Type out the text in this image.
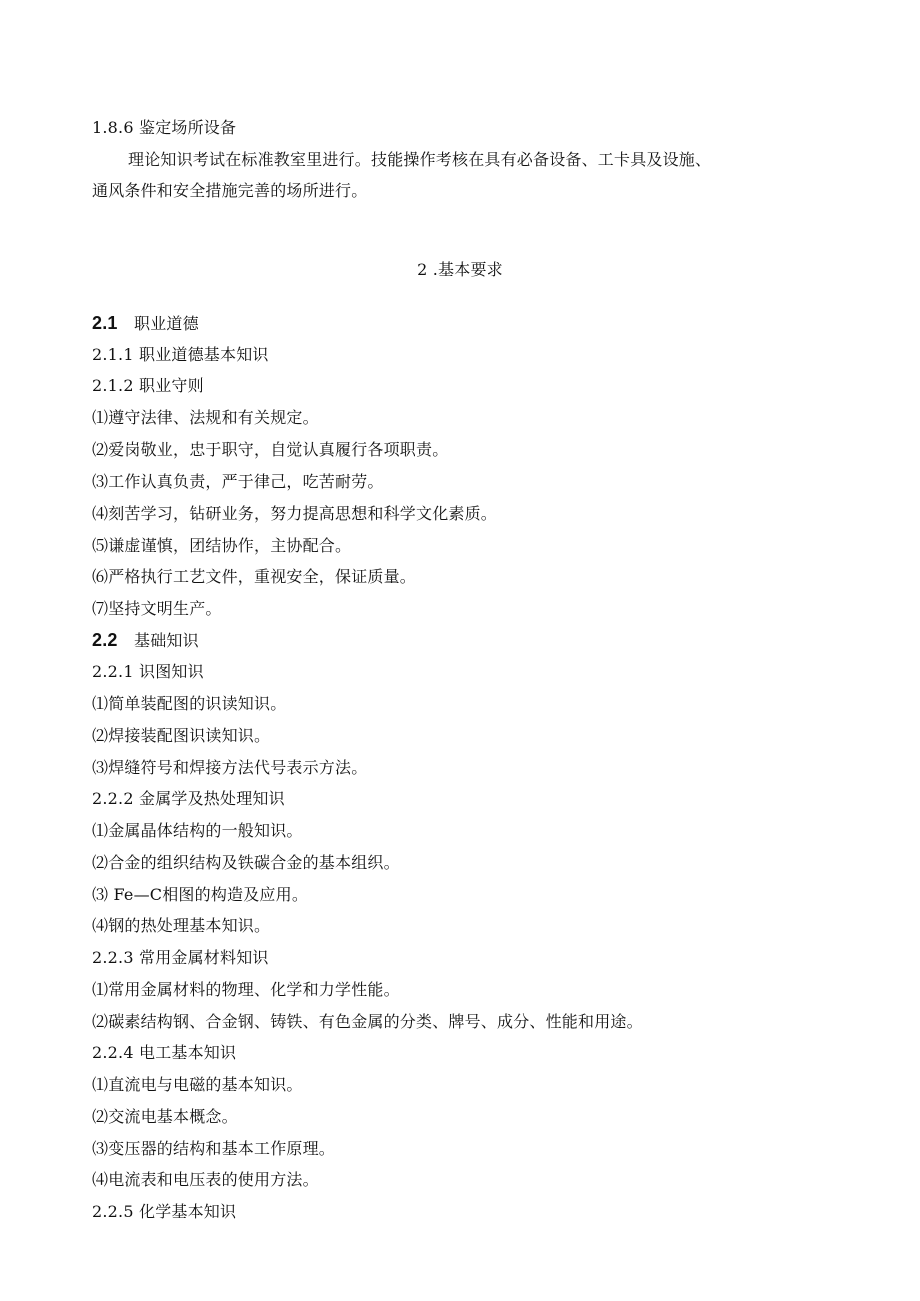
1.8.6 鉴定场所设备
理论知识考试在标准教室里进行。技能操作考核在具有必备设备、工卡具及设施、
通风条件和安全措施完善的场所进行。
2 .基本要求
2.1 职业道德
2.1.1 职业道德基本知识
2.1.2 职业守则
⑴遵守法律、法规和有关规定。
⑵爱岗敬业，忠于职守，自觉认真履行各项职责。
⑶工作认真负责，严于律己，吃苦耐劳。
⑷刻苦学习，钻研业务，努力提高思想和科学文化素质。
⑸谦虚谨慎，团结协作，主协配合。
⑹严格执行工艺文件，重视安全，保证质量。
⑺坚持文明生产。
2.2 基础知识
2.2.1 识图知识
⑴简单装配图的识读知识。
⑵焊接装配图识读知识。
⑶焊缝符号和焊接方法代号表示方法。
2.2.2 金属学及热处理知识
⑴金属晶体结构的一般知识。
⑵合金的组织结构及铁碳合金的基本组织。
⑶ Fe—C相图的构造及应用。
⑷钢的热处理基本知识。
2.2.3 常用金属材料知识
⑴常用金属材料的物理、化学和力学性能。
⑵碳素结构钢、合金钢、铸铁、有色金属的分类、牌号、成分、性能和用途。
2.2.4 电工基本知识
⑴直流电与电磁的基本知识。
⑵交流电基本概念。
⑶变压器的结构和基本工作原理。
⑷电流表和电压表的使用方法。
2.2.5 化学基本知识
